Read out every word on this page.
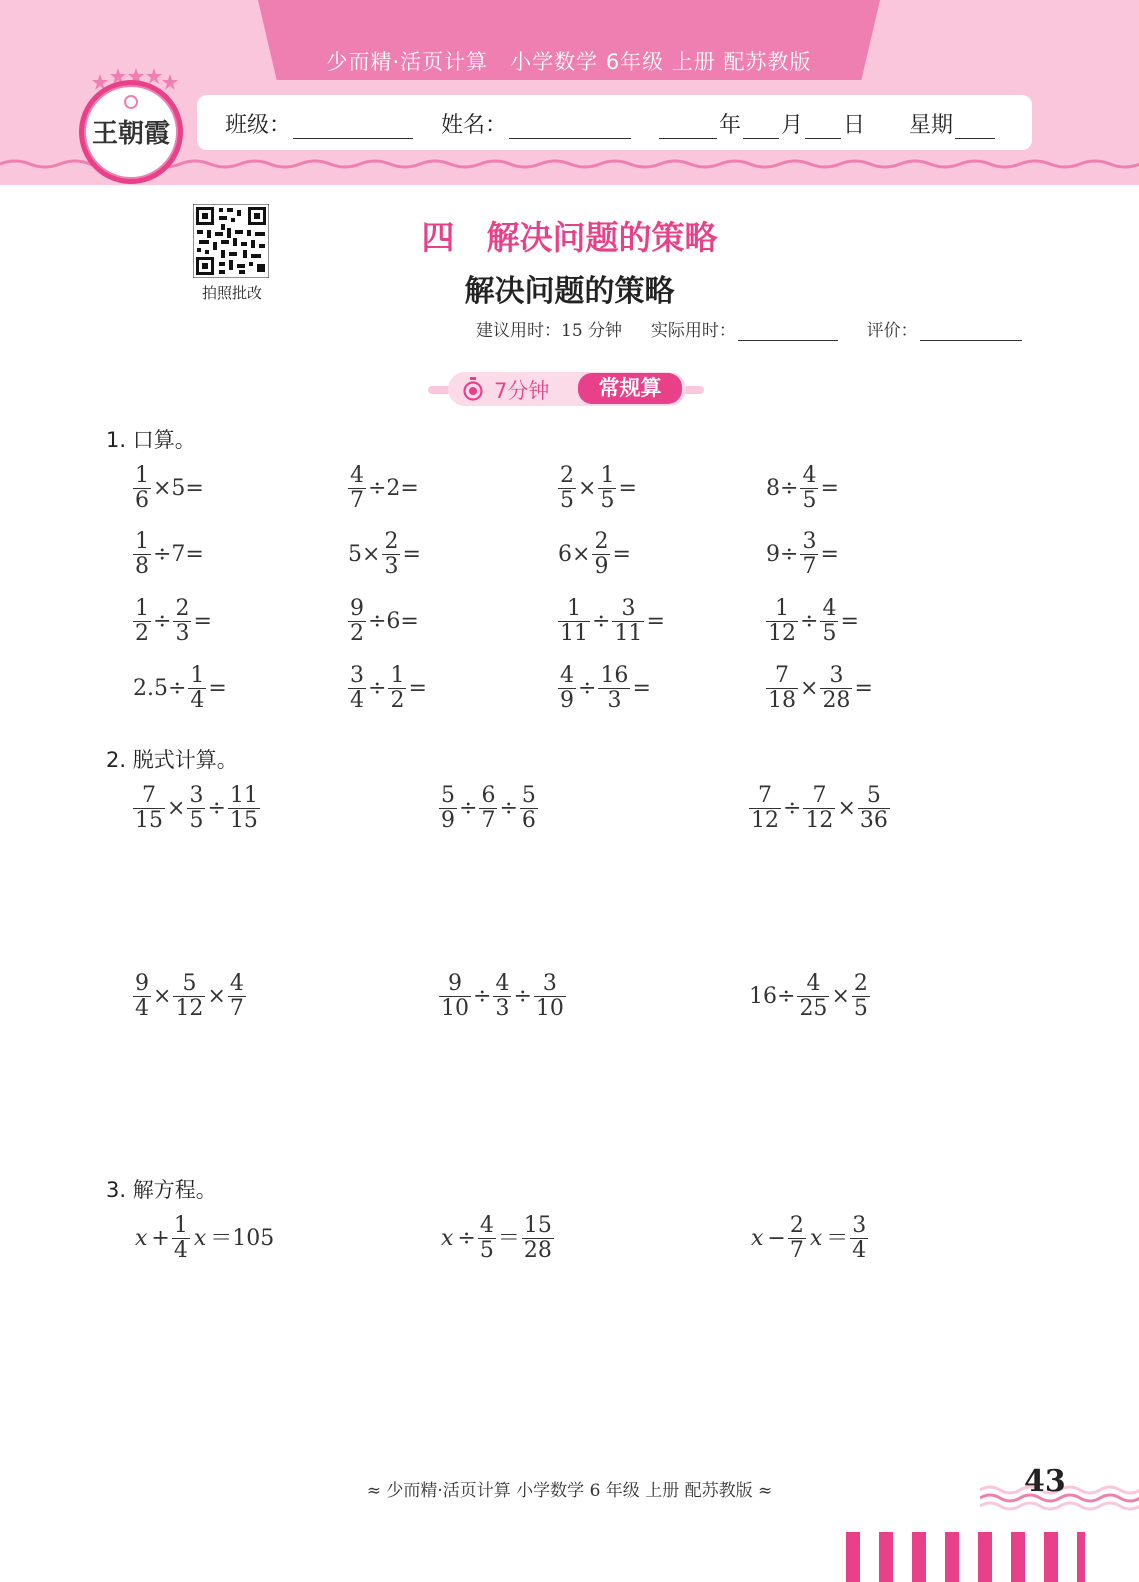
少而精·活页计算　小学数学 6年级 上册 配苏教版
班级：	姓名：	年 月 日 星期
王朝霞
拍照批改
四 解决问题的策略
解决问题的策略
建议用时：15 分钟 实际用时：	评价：
7分钟	常规算
1. 口算。
2. 脱式计算。
3. 解方程。
$\frac{1}{6} \times 5=$	$\frac{4}{7} \div 2=$	$\frac{2}{5} \times \frac{1}{5}$ =	$8\div \frac{4}{5}$ =
$\frac{1}{8} \div 7=$	$5\times \frac{2}{3}$ =	$6\times \frac{2}{9}$ =	$9\div \frac{3}{7}$ =
$\frac{1}{2} \div \frac{2}{3}$ =	$\frac{9}{2} \div 6=$	$\frac{1}{11} \div \frac{3}{11}$ =	$\frac{1}{12} \div \frac{4}{5}$ =
$2.5\div \frac{1}{4}$ =	$\frac{3}{4} \div \frac{1}{2}$ =	$\frac{4}{9} \div \frac{16}{3}$ =	$\frac{7}{18} \times \frac{3}{28}$ =
$\frac{7}{15} \times \frac{3}{5} \div \frac{11}{15}$	$\frac{5}{9} \div \frac{6}{7} \div \frac{5}{6}$	$\frac{7}{12} \div \frac{7}{12} \times \frac{5}{36}$
$\frac{9}{4} \times \frac{5}{12} \times \frac{4}{7}$	$\frac{9}{10} \div \frac{4}{3} \div \frac{3}{10}$	$16\div \frac{4}{25} \times \frac{2}{5}$
$x + \frac{1}{4}$ x ＝105	$x \div \frac{4}{5} = \frac{15}{28}$	$x - \frac{2}{7}$ $x = \frac{3}{4}$
≈ 少而精·活页计算 小学数学 6 年级 上册 配苏教版 ≈	43
